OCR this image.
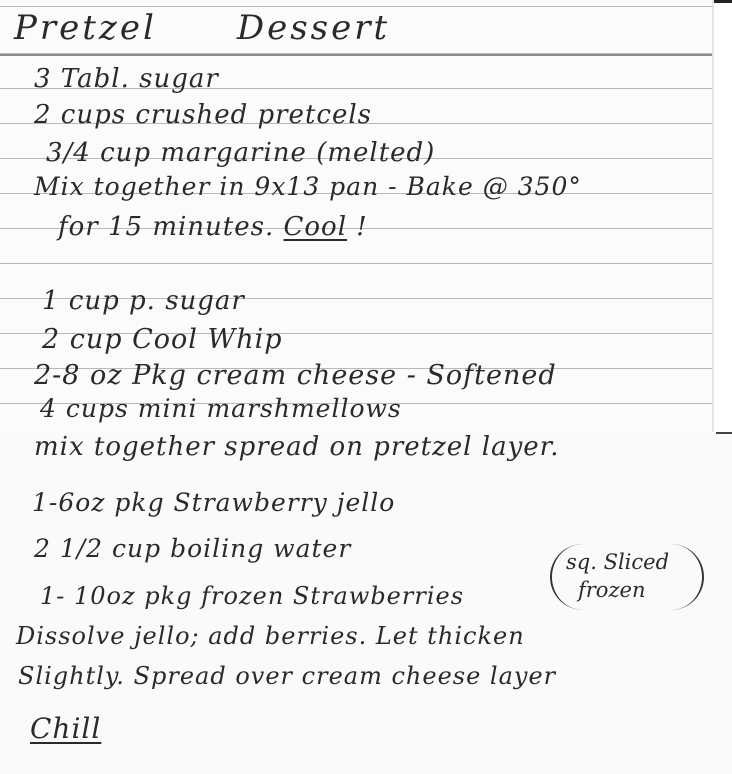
Pretzel Dessert
3 Tabl. sugar
2 cups crushed pretcels
3/4 cup margarine (melted)
Mix together in 9x13 pan - Bake @ 350°
for 15 minutes. Cool !
1 cup p. sugar
2 cup Cool Whip
2-8 oz Pkg cream cheese - Softened
4 cups mini marshmellows
mix together spread on pretzel layer.
1-6oz pkg Strawberry jello
2 1/2 cup boiling water
1- 10oz pkg frozen Strawberries
sq. Sliced
frozen
Dissolve jello; add berries. Let thicken
Slightly. Spread over cream cheese layer
Chill
